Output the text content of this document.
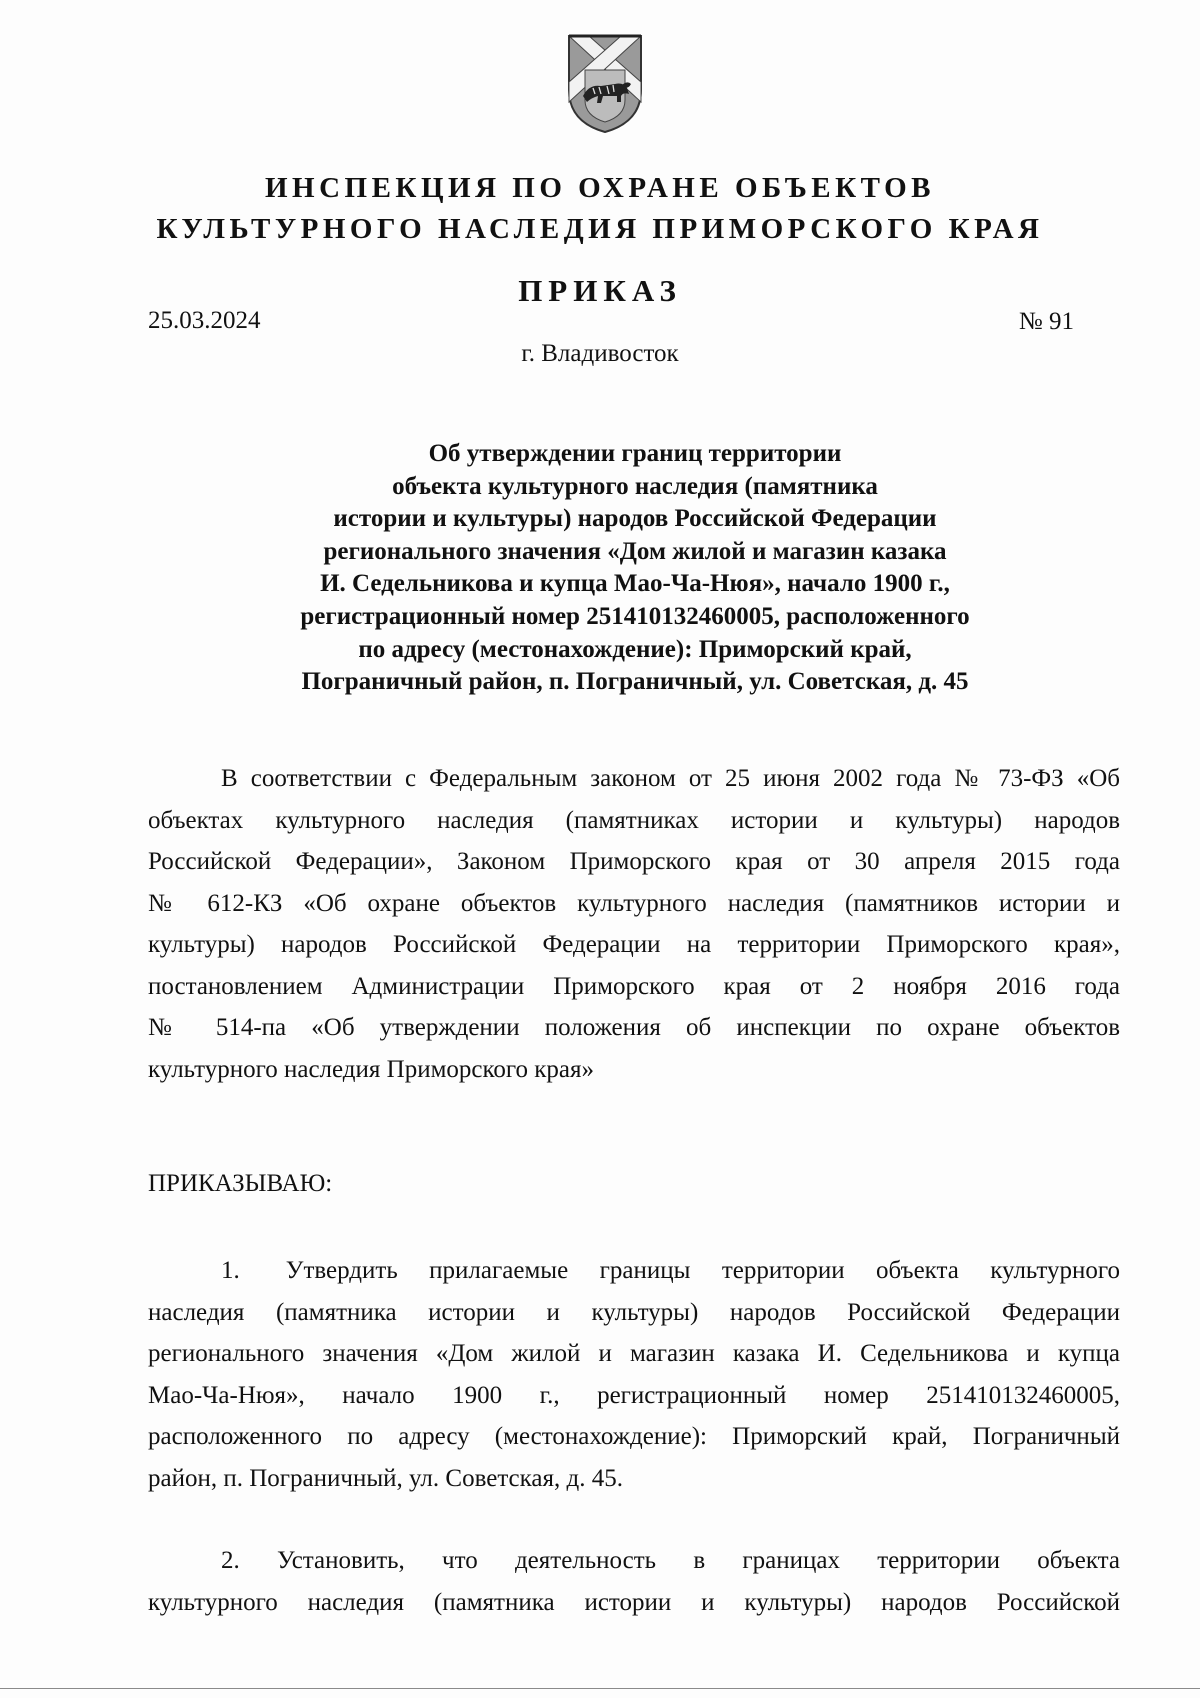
ИНСПЕКЦИЯ ПО ОХРАНЕ ОБЪЕКТОВ
КУЛЬТУРНОГО НАСЛЕДИЯ ПРИМОРСКОГО КРАЯ
ПРИКАЗ
25.03.2024	№ 91
г. Владивосток
Об утверждении границ территории
объекта культурного наследия (памятника
истории и культуры) народов Российской Федерации
регионального значения «Дом жилой и магазин казака
И. Седельникова и купца Мао-Ча-Нюя», начало 1900 г.,
регистрационный номер 251410132460005, расположенного
по адресу (местонахождение): Приморский край,
Пограничный район, п. Пограничный, ул. Советская, д. 45
В соответствии с Федеральным законом от 25 июня 2002 года № 73-ФЗ «Об
объектах культурного наследия (памятниках истории и культуры) народов
Российской Федерации», Законом Приморского края от 30 апреля 2015 года
№ 612-КЗ «Об охране объектов культурного наследия (памятников истории и
культуры) народов Российской Федерации на территории Приморского края»,
постановлением Администрации Приморского края от 2 ноября 2016 года
№ 514-па «Об утверждении положения об инспекции по охране объектов
культурного наследия Приморского края»
ПРИКАЗЫВАЮ:
1. Утвердить прилагаемые границы территории объекта культурного
наследия (памятника истории и культуры) народов Российской Федерации
регионального значения «Дом жилой и магазин казака И. Седельникова и купца
Мао-Ча-Нюя», начало 1900 г., регистрационный номер 251410132460005,
расположенного по адресу (местонахождение): Приморский край, Пограничный
район, п. Пограничный, ул. Советская, д. 45.
2. Установить, что деятельность в границах территории объекта
культурного наследия (памятника истории и культуры) народов Российской
